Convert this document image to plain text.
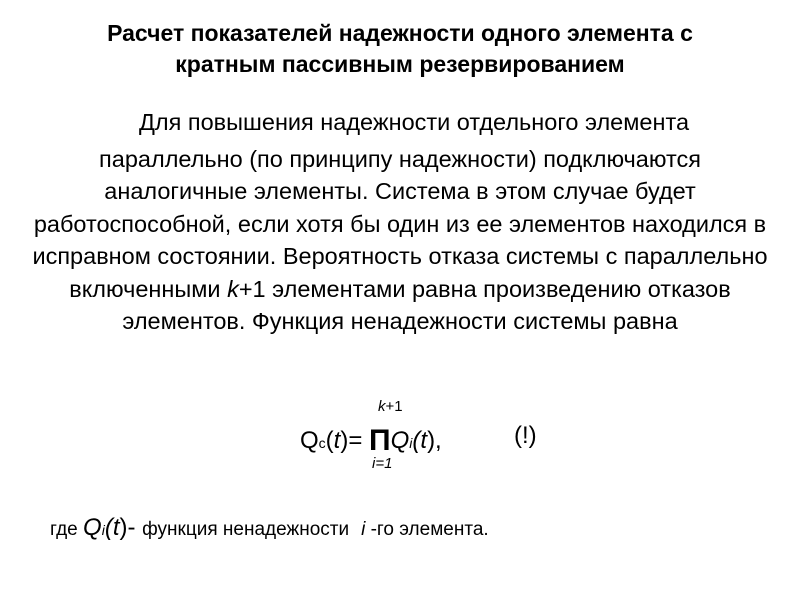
Расчет показателей надежности одного элемента с
кратным пассивным резервированием
Для повышения надежности отдельного элемента
параллельно (по принципу надежности) подключаются аналогичные элементы. Система в этом случае будет работоспособной, если хотя бы один из ее элементов находился в исправном состоянии. Вероятность отказа системы с параллельно включенными k+1 элементами равна произведению отказов элементов. Функция ненадежности системы равна
k+1
Qc(t)= ПQi(t),	(!)
i=1
где Qi(t)- функция ненадежности i -го элемента.
